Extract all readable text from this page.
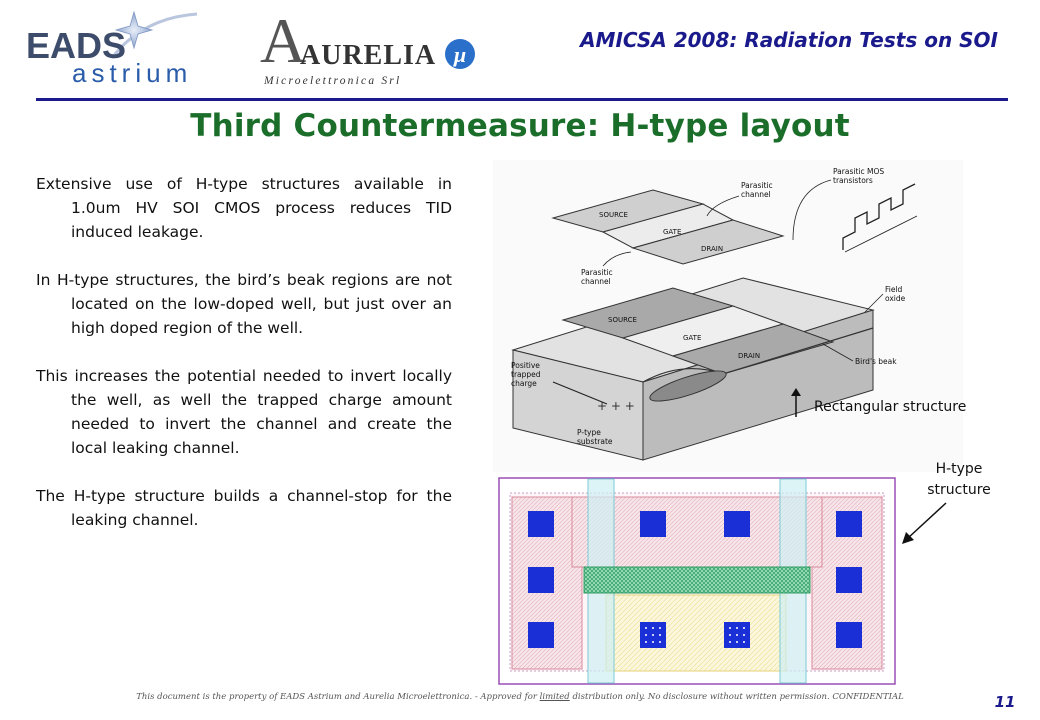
EADS
astrium A
AURELIA µ
Microelettronica Srl
AMICSA 2008: Radiation Tests on SOI
Third Countermeasure: H-type layout

Extensive use of H-type structures available in 1.0um HV SOI CMOS process reduces TID induced leakage.

In H-type structures, the bird’s beak regions are not located on the low-doped well, but just over an high doped region of the well.

This increases the potential needed to invert locally the well, as well the trapped charge amount needed to invert the channel and create the local leaking channel.

The H-type structure builds a channel-stop for the leaking channel.

SOURCE
GATE
DRAIN
SOURCE
GATE
DRAIN
+ + +
Parasitic
channel
Parasitic MOS
transistors
Parasitic
channel
Field
oxide
Bird's beak
Positive
trapped
charge
P-type
substrate
Rectangular structure
H-type
structure
This document is the property of EADS Astrium and Aurelia Microelettronica. - Approved for limited distribution only. No disclosure without written permission. CONFIDENTIAL	11
